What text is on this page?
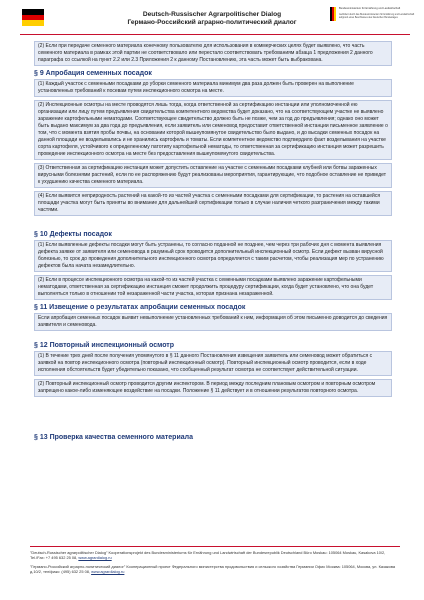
Deutsch-Russischer Agrarpolitischer Dialog
Германо-Российский аграрно-политический диалог
Bundesministerium für Ernährung und Landwirtschaft
Gefördert durch das Bundesministerium für Ernährung und Landwirtschaft aufgrund eines Beschlusses des Deutschen Bundestages
(2) Если при передаче семенного материала конечному пользователю для использования в коммерческих целях будет выявлено, что часть семенного материала в рамках этой партии не соответствовало или перестало соответствовать требованиям абзаца 1 предложения 2 данного параграфа со ссылкой на пункт 2.2 или 2.3 Приложения 2 к данному Постановлению, эта часть может быть выбракована.
§ 9 Апробация семенных посадок
(1) Каждый участок с семенными посадками до уборки семенного материала минимум два раза должен быть проверен на выполнение установленных требований к посевам путем инспекционного осмотра на месте.
(2) Инспекционные осмотры на месте проводятся лишь тогда, когда ответственной за сертификацию инстанции или уполномоченной ею организации или лицу путем предъявления свидетельства компетентного ведомства будет доказано, что на соответствующем участке не выявлено заражение картофельными нематодами. Соответствующее свидетельство должно быть не позже, чем за год до предъявления; однако оно может быть выдано максимум за два года до предъявления, если заявитель или семеновод предоставит ответственной инстанции письменное заявление о том, что с момента взятия пробы почвы, на основании которой вышеупомянутое свидетельство было выдано, и до высадки семенных посадок на данной площади не возделывались и не хранились картофель и томаты. Если компетентное ведомство подтвердило факт возделывания на участке сорта картофеля, устойчивого к определенному патотипу картофельной нематоды, то ответственная за сертификацию инстанция может разрешить проведение инспекционного осмотра на месте без предоставления вышеупомянутого свидетельства.
(3) Ответственная за сертификацию инстанция может допустить оставление на участке с семенными посадками клубней или ботвы зараженных вирусными болезнями растений, если по ее распоряжению будут реализованы мероприятия, гарантирующие, что подобное оставление не приведет к ухудшению качества семенного материала.
(4) Если выявится неприродность растений на какой-то из частей участка с семенными посадками для сертификации, то растения на оставшейся площади участка могут быть приняты во внимание для дальнейшей сертификации только в случае наличия четкого разграничения между такими частями.
§ 10 Дефекты посадок
(1) Если выявленные дефекты посадки могут быть устранены, то согласно поданной не позднее, чем через три рабочих дня с момента выявления дефекта заявке от заявителя или семеновода в разумный срок проводится дополнительный инспекционный осмотр. Если дефект вызван вирусной болезнью, то срок до проведения дополнительного инспекционного осмотра определяется с таким расчетом, чтобы реализация мер по устранению дефектов была начата незамедлительно.
(2) Если в процессе инспекционного осмотра на какой-то из частей участка с семенными посадками выявлено заражение картофельными нематодами, ответственная за сертификацию инстанция сможет продолжить процедуру сертификации, когда будет установлено, что она будет выполняться только в отношении той незараженной части участка, которая признана незараженной.
§ 11 Извещение о результатах апробации семенных посадок
Если апробация семенных посадок выявит невыполнение установленных требований к ним, информация об этом письменно доводится до сведения заявителя и семеновода.
§ 12 Повторный инспекционный осмотр
(1) В течение трех дней после получения упомянутого в § 11 данного Постановления извещения заявитель или семеновод может обратиться с заявкой на повтор инспекционного осмотра (повторный инспекционный осмотр). Повторный инспекционный осмотр проводится, если в ходе исполнения обстоятельств будет убедительно показано, что сообщенный результат осмотра не соответствует действительной ситуации.
(2) Повторный инспекционный осмотр проводится другим инспектором. В период между последним плановым осмотром и повторным осмотром запрещено какое-либо изменяющее воздействие на посадки. Положение § 11 действует и в отношении результатов повторного осмотра.
§ 13 Проверка качества семенного материала

"Deutsch-Russischer agrarpolitischer Dialog" Kooperationsprojekt des Bundesministeriums für Ernährung und Landwirtschaft der Bundesrepublik Deutschland Büro Moskau: 105064 Moskau, Kasakova 10/2, Tel./Fax: +7 495 632 25 08, www.agrardialog.ru

"Германо-Российский аграрно-политический диалог" Кооперационный проект Федерального министерства продовольствия и сельского хозяйства Германии Офис Москва: 105064, Москва, ул. Казакова д.10/2, тел/факс: (495) 632 25 08, www.agrardialog.ru
